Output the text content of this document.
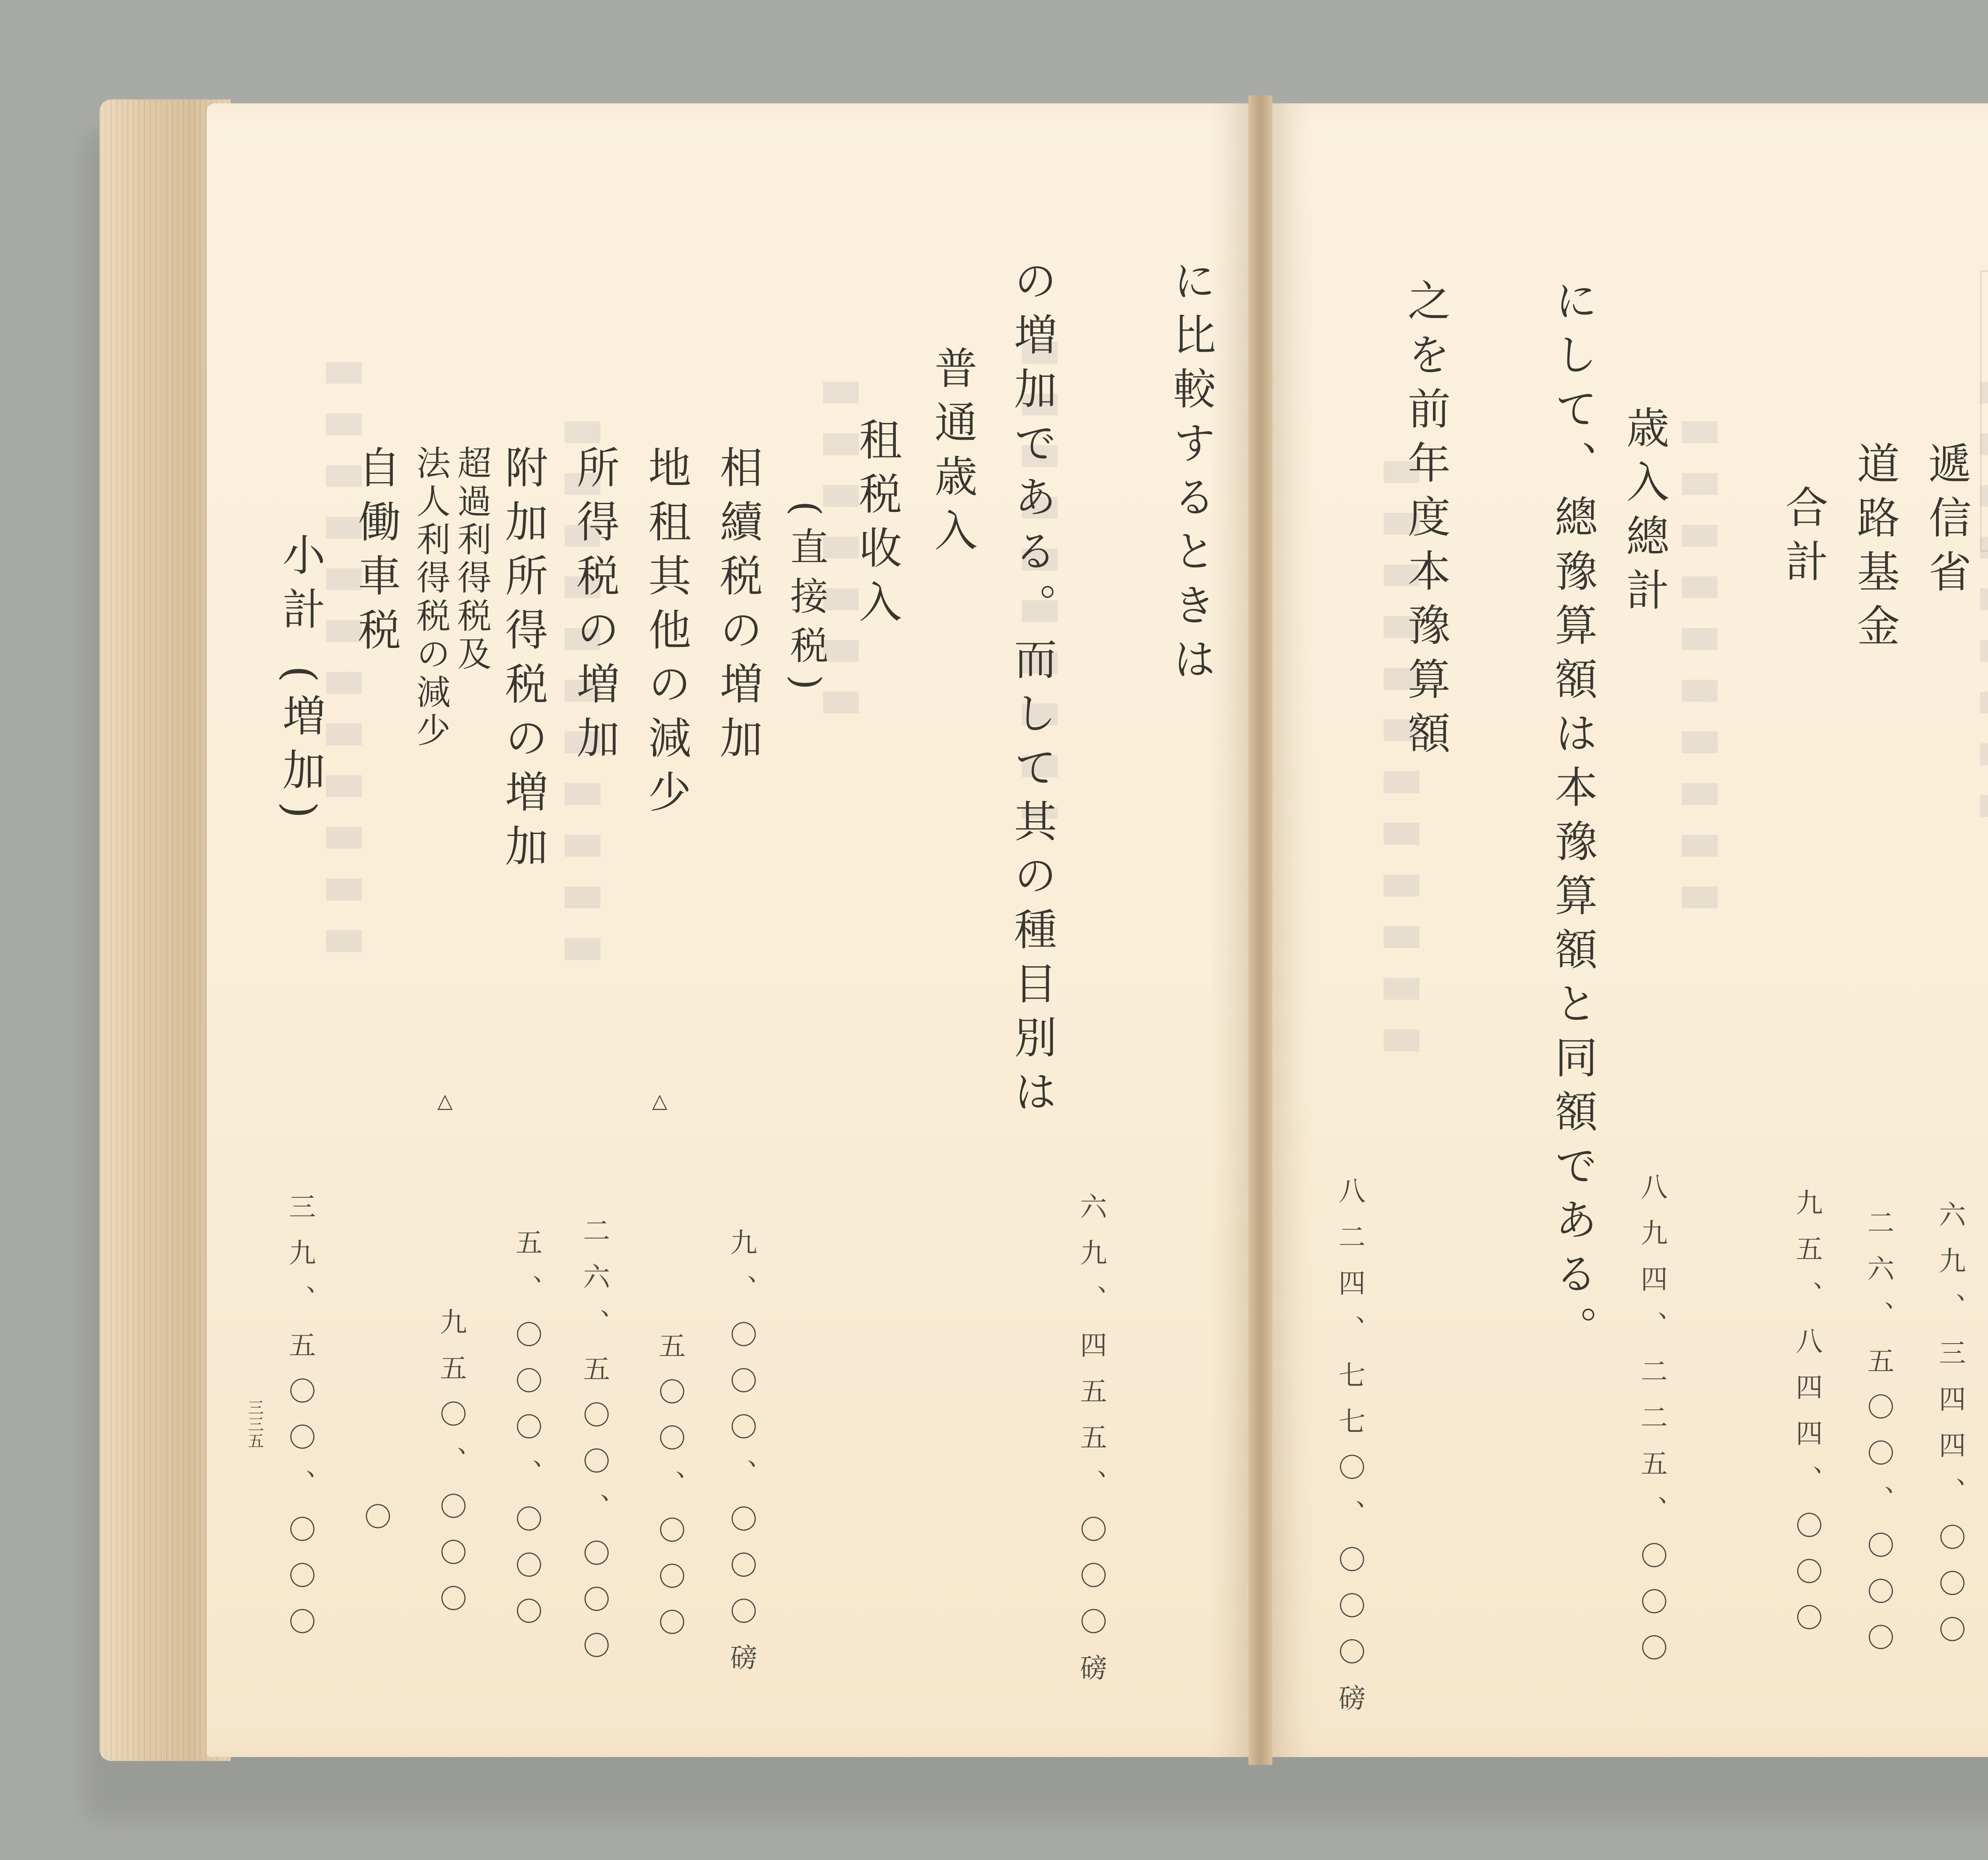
に比較するときは
の増加である。而して其の種目別は
普通歳入
租税收入
(直接税)
相續税の増加
地租其他の減少
所得税の増加
附加所得税の増加
超過利得税及
法人利得税の減少
自働車税
小計 (増加)
六九、四五五、〇〇〇磅
九、〇〇〇、〇〇〇磅
△
五〇〇、〇〇〇
二六、五〇〇、〇〇〇
五、〇〇〇、〇〇〇
△
九五〇、〇〇〇
〇
三九、五〇〇、〇〇〇
三三五
遞信省
道路基金
合計
歳入總計
にして、總豫算額は本豫算額と同額である。
之を前年度本豫算額
六九、三四四、〇〇〇
二六、五〇〇、〇〇〇
九五、八四四、〇〇〇
八九四、二二五、〇〇〇
八二四、七七〇、〇〇〇磅
